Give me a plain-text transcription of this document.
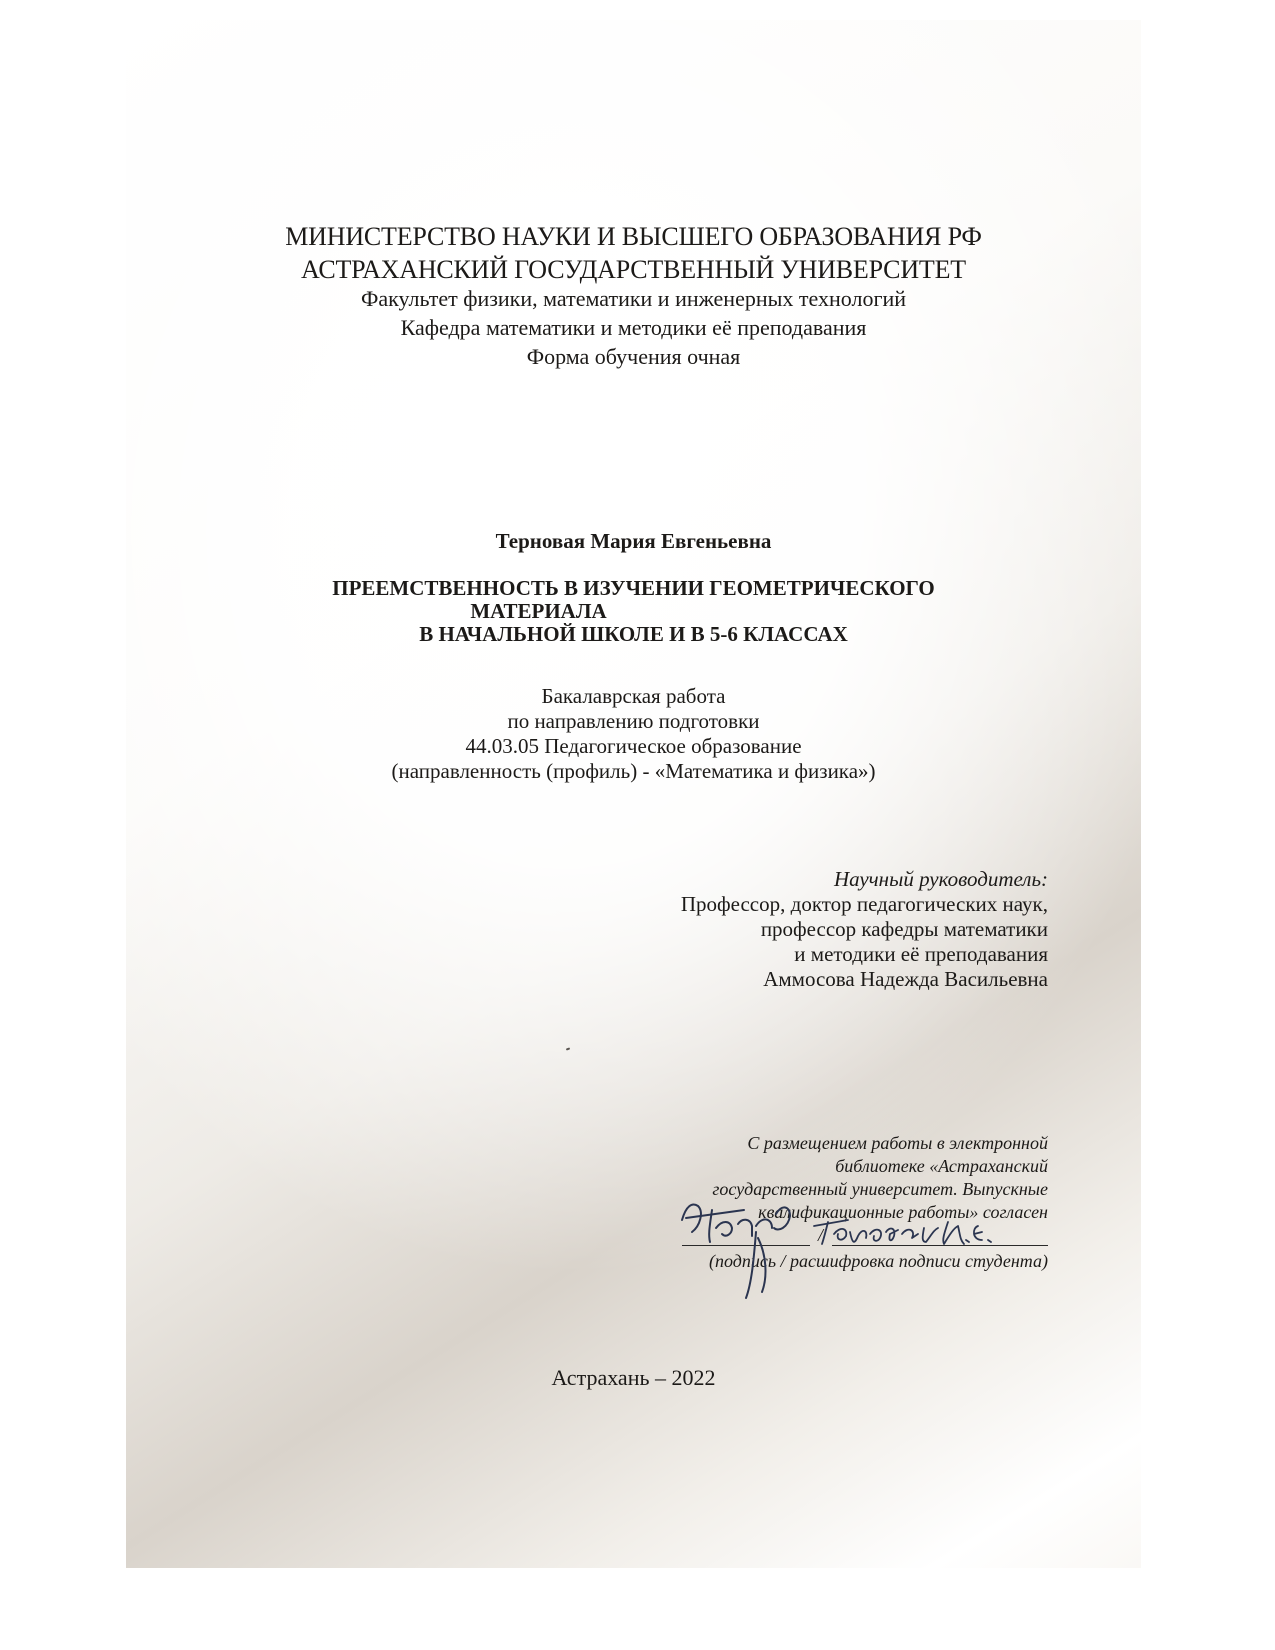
МИНИСТЕРСТВО НАУКИ И ВЫСШЕГО ОБРАЗОВАНИЯ РФ
АСТРАХАНСКИЙ ГОСУДАРСТВЕННЫЙ УНИВЕРСИТЕТ
Факультет физики, математики и инженерных технологий
Кафедра математики и методики её преподавания
Форма обучения очная
Терновая Мария Евгеньевна
ПРЕЕМСТВЕННОСТЬ В ИЗУЧЕНИИ ГЕОМЕТРИЧЕСКОГО
МАТЕРИАЛА
В НАЧАЛЬНОЙ ШКОЛЕ И В 5-6 КЛАССАХ
Бакалаврская работа
по направлению подготовки
44.03.05 Педагогическое образование
(направленность (профиль) - «Математика и физика»)
Научный руководитель:
Профессор, доктор педагогических наук,
профессор кафедры математики
и методики её преподавания
Аммосова Надежда Васильевна
С размещением работы в электронной
библиотеке «Астраханский
государственный университет. Выпускные
квалификационные работы» согласен
/
(подпись / расшифровка подписи студента)
Астрахань – 2022
